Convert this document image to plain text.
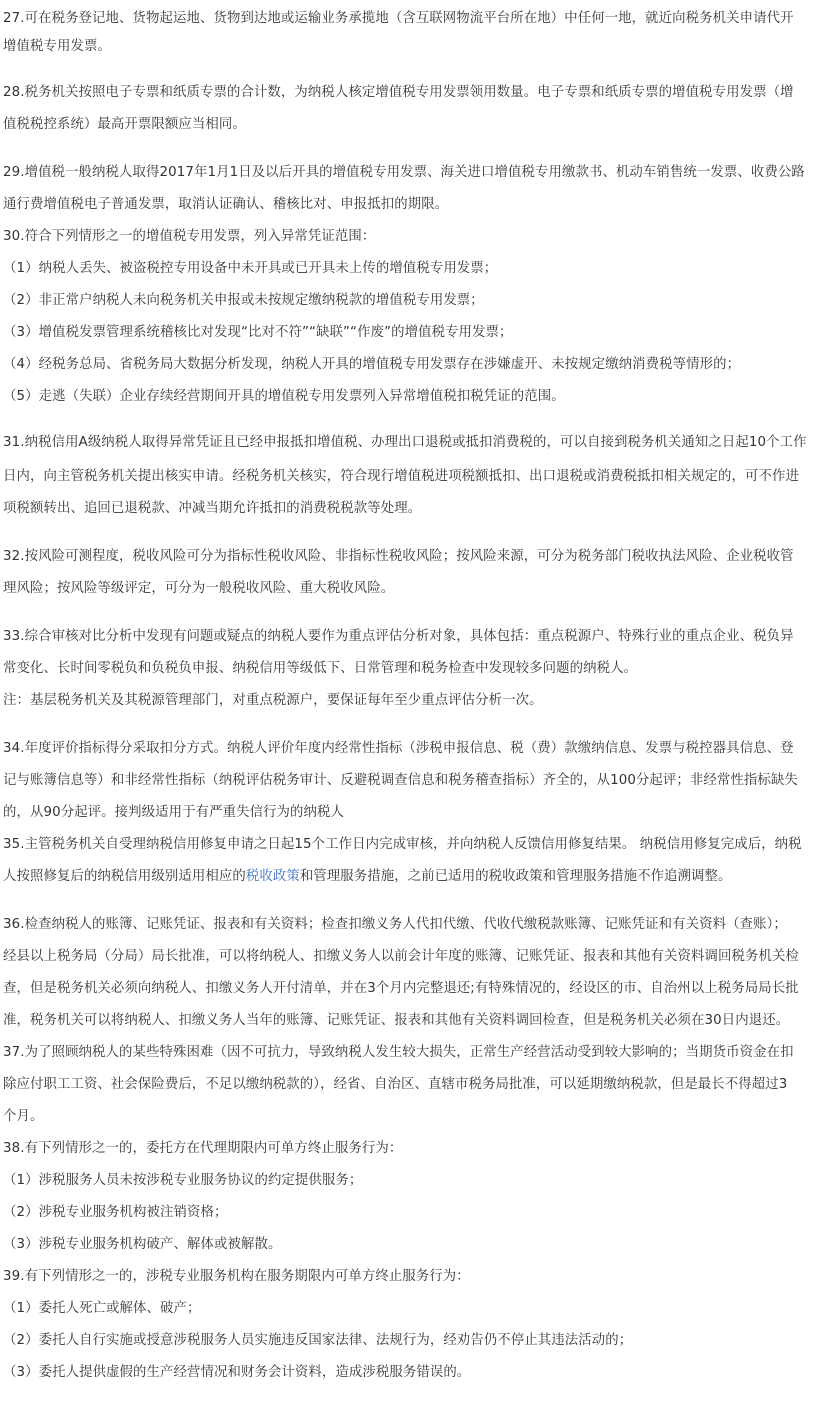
27.可在税务登记地、货物起运地、货物到达地或运输业务承揽地（含互联网物流平台所在地）中任何一地，就近向税务机关申请代开
增值税专用发票。
28.税务机关按照电子专票和纸质专票的合计数，为纳税人核定增值税专用发票领用数量。电子专票和纸质专票的增值税专用发票（增
值税税控系统）最高开票限额应当相同。
29.增值税一般纳税人取得2017年1月1日及以后开具的增值税专用发票、海关进口增值税专用缴款书、机动车销售统一发票、收费公路
通行费增值税电子普通发票，取消认证确认、稽核比对、申报抵扣的期限。
30.符合下列情形之一的增值税专用发票，列入异常凭证范围：
（1）纳税人丢失、被盗税控专用设备中未开具或已开具未上传的增值税专用发票；
（2）非正常户纳税人未向税务机关申报或未按规定缴纳税款的增值税专用发票；
（3）增值税发票管理系统稽核比对发现“比对不符”“缺联”“作废”的增值税专用发票；
（4）经税务总局、省税务局大数据分析发现，纳税人开具的增值税专用发票存在涉嫌虚开、未按规定缴纳消费税等情形的；
（5）走逃（失联）企业存续经营期间开具的增值税专用发票列入异常增值税扣税凭证的范围。
31.纳税信用A级纳税人取得异常凭证且已经申报抵扣增值税、办理出口退税或抵扣消费税的，可以自接到税务机关通知之日起10个工作
日内，向主管税务机关提出核实申请。经税务机关核实，符合现行增值税进项税额抵扣、出口退税或消费税抵扣相关规定的，可不作进
项税额转出、追回已退税款、冲减当期允许抵扣的消费税税款等处理。
32.按风险可测程度，税收风险可分为指标性税收风险、非指标性税收风险；按风险来源，可分为税务部门税收执法风险、企业税收管
理风险；按风险等级评定，可分为一般税收风险、重大税收风险。
33.综合审核对比分析中发现有问题或疑点的纳税人要作为重点评估分析对象，具体包括：重点税源户、特殊行业的重点企业、税负异
常变化、长时间零税负和负税负申报、纳税信用等级低下、日常管理和税务检查中发现较多问题的纳税人。
注：基层税务机关及其税源管理部门，对重点税源户，要保证每年至少重点评估分析一次。
34.年度评价指标得分采取扣分方式。纳税人评价年度内经常性指标（涉税申报信息、税（费）款缴纳信息、发票与税控器具信息、登
记与账簿信息等）和非经常性指标（纳税评估税务审计、反避税调查信息和税务稽查指标）齐全的，从100分起评；非经常性指标缺失
的，从90分起评。接判级适用于有严重失信行为的纳税人
35.主管税务机关自受理纳税信用修复申请之日起15个工作日内完成审核，并向纳税人反馈信用修复结果。 纳税信用修复完成后，纳税
人按照修复后的纳税信用级别适用相应的税收政策和管理服务措施，之前已适用的税收政策和管理服务措施不作追溯调整。
36.检查纳税人的账簿、记账凭证、报表和有关资料；检查扣缴义务人代扣代缴、代收代缴税款账簿、记账凭证和有关资料（查账）；
经县以上税务局（分局）局长批准，可以将纳税人、扣缴义务人以前会计年度的账簿、记账凭证、报表和其他有关资料调回税务机关检
查，但是税务机关必须向纳税人、扣缴义务人开付清单，并在3个月内完整退还;有特殊情况的，经设区的市、自治州以上税务局局长批
准，税务机关可以将纳税人、扣缴义务人当年的账簿、记账凭证、报表和其他有关资料调回检查，但是税务机关必须在30日内退还。
37.为了照顾纳税人的某些特殊困难（因不可抗力，导致纳税人发生较大损失，正常生产经营活动受到较大影响的；当期货币资金在扣
除应付职工工资、社会保险费后，不足以缴纳税款的），经省、自治区、直辖市税务局批准，可以延期缴纳税款，但是最长不得超过3
个月。
38.有下列情形之一的，委托方在代理期限内可单方终止服务行为：
（1）涉税服务人员未按涉税专业服务协议的约定提供服务；
（2）涉税专业服务机构被注销资格；
（3）涉税专业服务机构破产、解体或被解散。
39.有下列情形之一的，涉税专业服务机构在服务期限内可单方终止服务行为：
（1）委托人死亡或解体、破产；
（2）委托人自行实施或授意涉税服务人员实施违反国家法律、法规行为，经劝告仍不停止其违法活动的；
（3）委托人提供虚假的生产经营情况和财务会计资料，造成涉税服务错误的。
